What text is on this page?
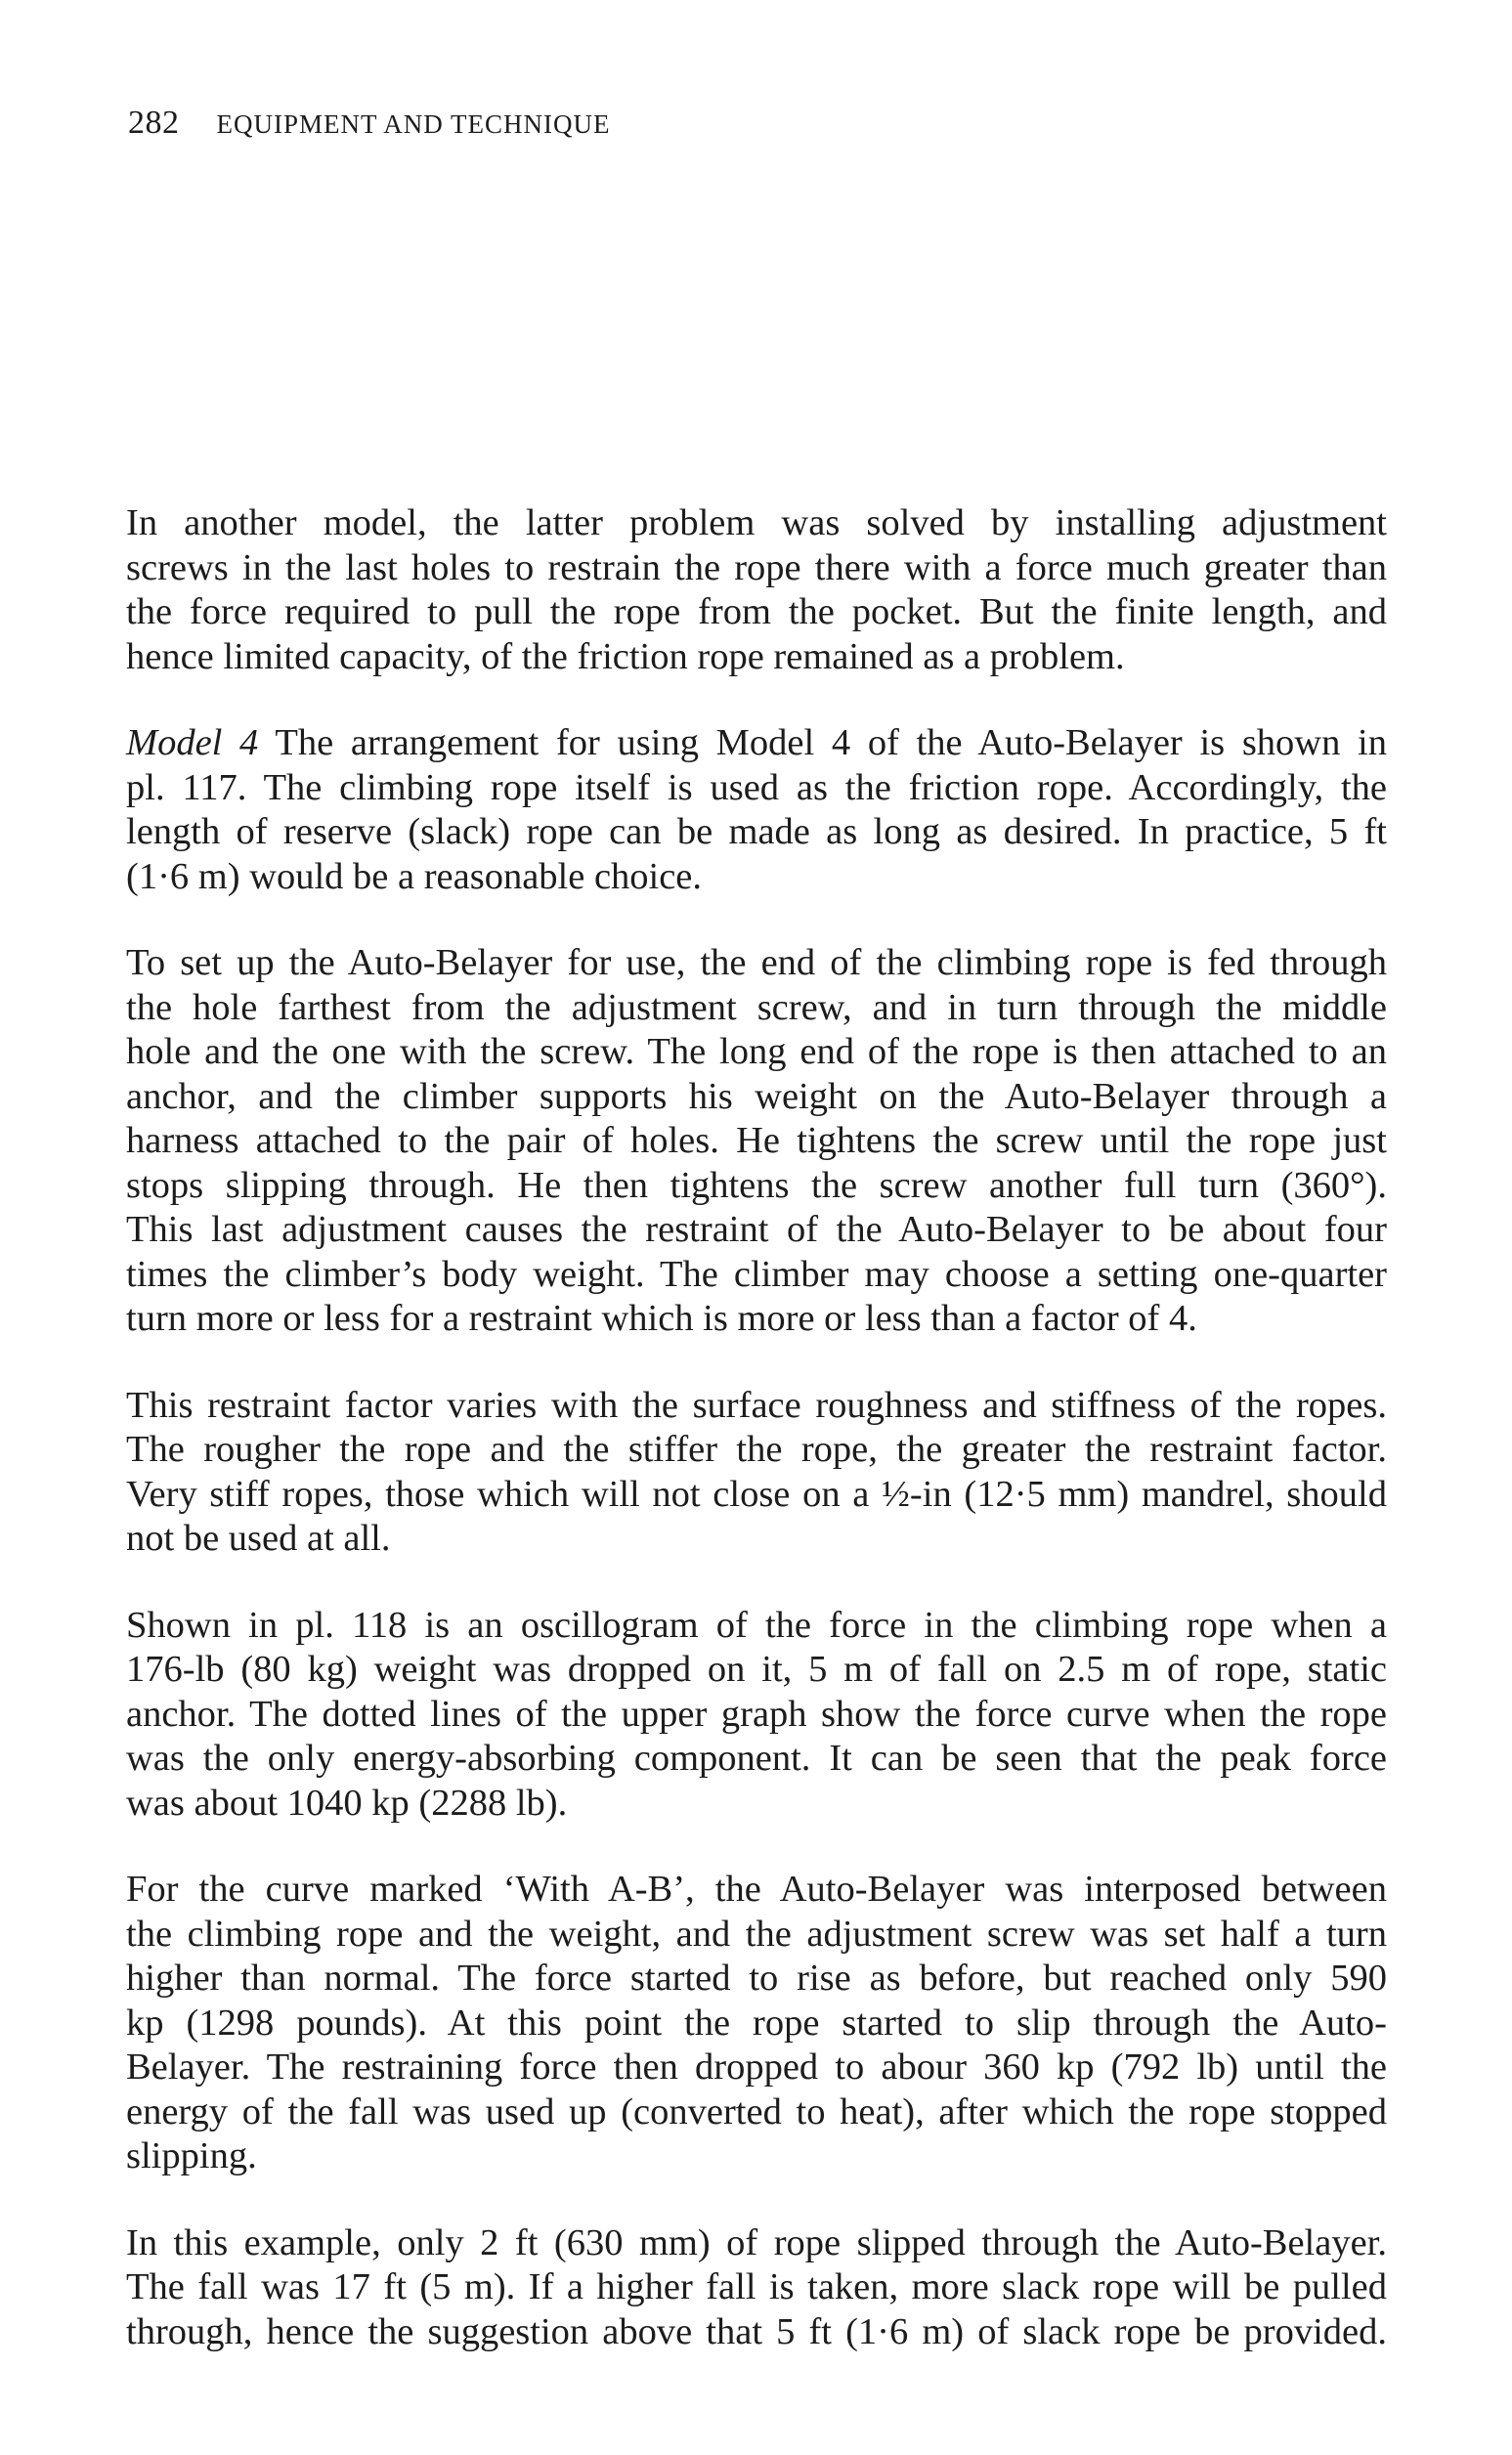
282 EQUIPMENT AND TECHNIQUE

In another model, the latter problem was solved by installing adjustment
screws in the last holes to restrain the rope there with a force much greater than
the force required to pull the rope from the pocket. But the finite length, and
hence limited capacity, of the friction rope remained as a problem.

Model 4 The arrangement for using Model 4 of the Auto-Belayer is shown in
pl. 117. The climbing rope itself is used as the friction rope. Accordingly, the
length of reserve (slack) rope can be made as long as desired. In practice, 5 ft
(1·6 m) would be a reasonable choice.

To set up the Auto-Belayer for use, the end of the climbing rope is fed through
the hole farthest from the adjustment screw, and in turn through the middle
hole and the one with the screw. The long end of the rope is then attached to an
anchor, and the climber supports his weight on the Auto-Belayer through a
harness attached to the pair of holes. He tightens the screw until the rope just
stops slipping through. He then tightens the screw another full turn (360°).
This last adjustment causes the restraint of the Auto-Belayer to be about four
times the climber’s body weight. The climber may choose a setting one-quarter
turn more or less for a restraint which is more or less than a factor of 4.

This restraint factor varies with the surface roughness and stiffness of the ropes.
The rougher the rope and the stiffer the rope, the greater the restraint factor.
Very stiff ropes, those which will not close on a ½-in (12·5 mm) mandrel, should
not be used at all.

Shown in pl. 118 is an oscillogram of the force in the climbing rope when a
176-lb (80 kg) weight was dropped on it, 5 m of fall on 2.5 m of rope, static
anchor. The dotted lines of the upper graph show the force curve when the rope
was the only energy-absorbing component. It can be seen that the peak force
was about 1040 kp (2288 lb).

For the curve marked ‘With A-B’, the Auto-Belayer was interposed between
the climbing rope and the weight, and the adjustment screw was set half a turn
higher than normal. The force started to rise as before, but reached only 590
kp (1298 pounds). At this point the rope started to slip through the Auto-
Belayer. The restraining force then dropped to abour 360 kp (792 lb) until the
energy of the fall was used up (converted to heat), after which the rope stopped
slipping.

In this example, only 2 ft (630 mm) of rope slipped through the Auto-Belayer.
The fall was 17 ft (5 m). If a higher fall is taken, more slack rope will be pulled
through, hence the suggestion above that 5 ft (1·6 m) of slack rope be provided.
